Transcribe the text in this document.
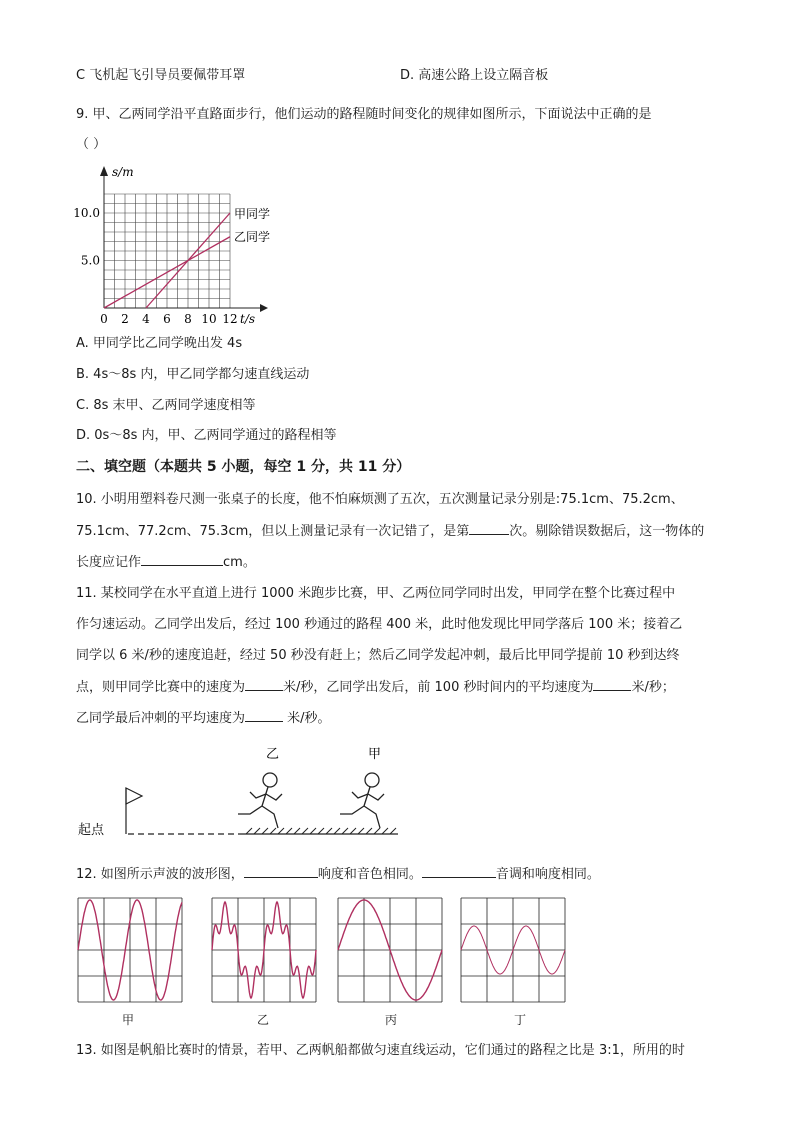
C 飞机起飞引导员要佩带耳罩	D. 高速公路上设立隔音板
9. 甲、乙两同学沿平直路面步行，他们运动的路程随时间变化的规律如图所示，下面说法中正确的是
（ ）
s/m
t/s
0 2 4 6 8 10 12
5.0
10.0	甲同学
乙同学
A. 甲同学比乙同学晚出发 4s
B. 4s～8s 内，甲乙同学都匀速直线运动
C. 8s 末甲、乙两同学速度相等
D. 0s～8s 内，甲、乙两同学通过的路程相等
二、填空题（本题共 5 小题，每空 1 分，共 11 分）
10. 小明用塑料卷尺测一张桌子的长度，他不怕麻烦测了五次，五次测量记录分别是:75.1cm、75.2cm、
75.1cm、77.2cm、75.3cm，但以上测量记录有一次记错了，是第	次。剔除错误数据后，这一物体的
长度应记作	cm。
11. 某校同学在水平直道上进行 1000 米跑步比赛，甲、乙两位同学同时出发，甲同学在整个比赛过程中
作匀速运动。乙同学出发后，经过 100 秒通过的路程 400 米，此时他发现比甲同学落后 100 米；接着乙
同学以 6 米/秒的速度追赶，经过 50 秒没有赶上；然后乙同学发起冲刺，最后比甲同学提前 10 秒到达终
点，则甲同学比赛中的速度为	米/秒，乙同学出发后，前 100 秒时间内的平均速度为	米/秒；
乙同学最后冲刺的平均速度为	米/秒。
起点
乙	甲
12. 如图所示声波的波形图，	响度和音色相同。	音调和响度相同。
甲	乙	丙	丁
13. 如图是帆船比赛时的情景，若甲、乙两帆船都做匀速直线运动，它们通过的路程之比是 3:1，所用的时
